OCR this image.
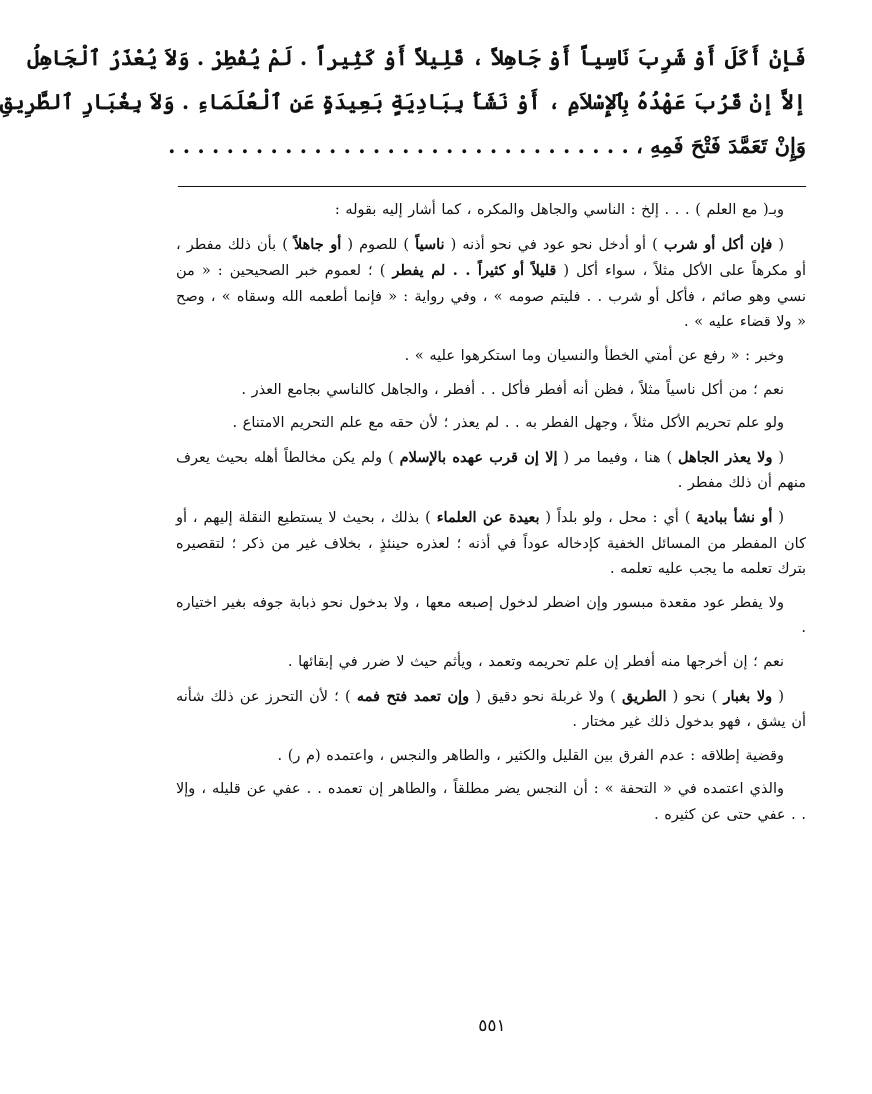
فَإنْ أَكَلَ أَوْ شَرِبَ نَاسِياً أَوْ جَاهِلاً ، قَلِيلاً أَوْ كَثِيراً . لَمْ يُفْطِرْ . وَلاَ يُعْذَرُ ٱلْجَاهِلُ
إلاَّ إنْ قَرُبَ عَهْدُهُ بِٱلإِسْلاَمِ ، أَوْ نَشَأَ بِبَادِيَةٍ بَعِيدَةٍ عَنِ ٱلْعُلَمَاءِ . وَلاَ بِغُبَارِ ٱلطَّرِيقِ
وَإِنْ تَعَمَّدَ فَتْحَ فَمِهِ ، . . . . . . . . . . . . . . . . . . . . . . . . . . . . . . . .

وبـ( مع العلم ) . . . إلخ : الناسي والجاهل والمكره ، كما أشار إليه بقوله :

( فإن أكل أو شرب ) أو أدخل نحو عود في نحو أذنه ( ناسياً ) للصوم ( أو جاهلاً ) بأن ذلك مفطر ، أو مكرهاً على الأكل مثلاً ، سواء أكل ( قليلاً أو كثيراً . . لم يفطر ) ؛ لعموم خبر الصحيحين : « من نسي وهو صائم ، فأكل أو شرب . . فليتم صومه » ، وفي رواية : « فإنما أطعمه الله وسقاه » ، وصح « ولا قضاء عليه » .

وخبر : « رفع عن أمتي الخطأ والنسيان وما استكرهوا عليه » .

نعم ؛ من أكل ناسياً مثلاً ، فظن أنه أفطر فأكل . . أفطر ، والجاهل كالناسي بجامع العذر .

ولو علم تحريم الأكل مثلاً ، وجهل الفطر به . . لم يعذر ؛ لأن حقه مع علم التحريم الامتناع .

( ولا يعذر الجاهل ) هنا ، وفيما مر ( إلا إن قرب عهده بالإسلام ) ولم يكن مخالطاً أهله بحيث يعرف منهم أن ذلك مفطر .

( أو نشأ ببادية ) أي : محل ، ولو بلداً ( بعيدة عن العلماء ) بذلك ، بحيث لا يستطيع النقلة إليهم ، أو كان المفطر من المسائل الخفية كإدخاله عوداً في أذنه ؛ لعذره حينئذٍ ، بخلاف غير من ذكر ؛ لتقصيره بترك تعلمه ما يجب عليه تعلمه .

ولا يفطر عود مقعدة مبسور وإن اضطر لدخول إصبعه معها ، ولا بدخول نحو ذبابة جوفه بغير اختياره .

نعم ؛ إن أخرجها منه أفطر إن علم تحريمه وتعمد ، ويأثم حيث لا ضرر في إبقائها .

( ولا بغبار ) نحو ( الطريق ) ولا غربلة نحو دقيق ( وإن تعمد فتح فمه ) ؛ لأن التحرز عن ذلك شأنه أن يشق ، فهو بدخول ذلك غير مختار .

وقضية إطلاقه : عدم الفرق بين القليل والكثير ، والطاهر والنجس ، واعتمده (م ر) .

والذي اعتمده في « التحفة » : أن النجس يضر مطلقاً ، والطاهر إن تعمده . . عفي عن قليله ، وإلا . . عفي حتى عن كثيره .

٥٥١
